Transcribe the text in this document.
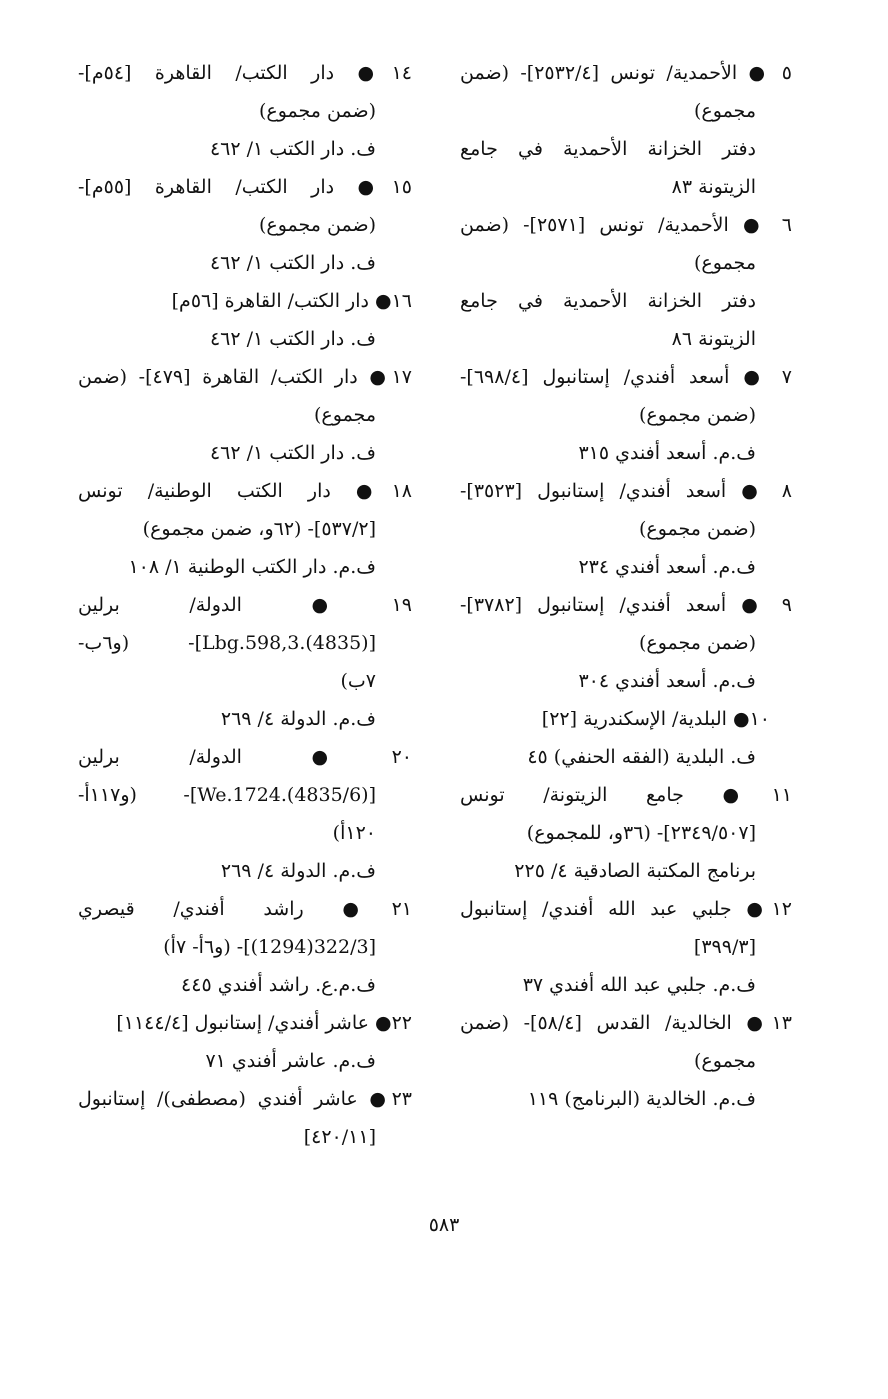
٥ ● الأحمدية/ تونس [٢٥٣٢/٤]- (ضمن
مجموع)
دفتر الخزانة الأحمدية في جامع
الزيتونة ٨٣
٦ ● الأحمدية/ تونس [٢٥٧١]- (ضمن
مجموع)
دفتر الخزانة الأحمدية في جامع
الزيتونة ٨٦
٧ ● أسعد أفندي/ إستانبول [٦٩٨/٤]-
(ضمن مجموع)
ف.م. أسعد أفندي ٣١٥
٨ ● أسعد أفندي/ إستانبول [٣٥٢٣]-
(ضمن مجموع)
ف.م. أسعد أفندي ٢٣٤
٩ ● أسعد أفندي/ إستانبول [٣٧٨٢]-
(ضمن مجموع)
ف.م. أسعد أفندي ٣٠٤
١٠● البلدية/ الإسكندرية [٢٢]
ف. البلدية (الفقه الحنفي) ٤٥
١١● جامع الزيتونة/ تونس
[٢٣٤٩/٥٠٧]- (٣٦و، للمجموع)
برنامج المكتبة الصادقية ٤/ ٢٢٥
١٢● جلبي عبد الله أفندي/ إستانبول
[٣٩٩/٣]
ف.م. جلبي عبد الله أفندي ٣٧
١٣● الخالدية/ القدس [٥٨/٤]- (ضمن
مجموع)
ف.م. الخالدية (البرنامج) ١١٩
١٤● دار الكتب/ القاهرة [٥٤م]-
(ضمن مجموع)
ف. دار الكتب ١/ ٤٦٢
١٥● دار الكتب/ القاهرة [٥٥م]-
(ضمن مجموع)
ف. دار الكتب ١/ ٤٦٢
١٦● دار الكتب/ القاهرة [٥٦م]
ف. دار الكتب ١/ ٤٦٢
١٧● دار الكتب/ القاهرة [٤٧٩]- (ضمن
مجموع)
ف. دار الكتب ١/ ٤٦٢
١٨● دار الكتب الوطنية/ تونس
[٥٣٧/٢]- (٦٢و، ضمن مجموع)
ف.م. دار الكتب الوطنية ١/ ١٠٨
١٩● الدولة/ برلين
[Lbg.598,3.(4835)]- (و٦ب-
٧ب)
ف.م. الدولة ٤/ ٢٦٩
٢٠● الدولة/ برلين
[We.1724.(4835/6)]- (و١١٧أ-
١٢٠أ)
ف.م. الدولة ٤/ ٢٦٩
٢١● راشد أفندي/ قيصري
[322/3(1294)]- (و٦أ- ٧أ)
ف.م.ع. راشد أفندي ٤٤٥
٢٢● عاشر أفندي/ إستانبول [١١٤٤/٤]
ف.م. عاشر أفندي ٧١
٢٣● عاشر أفندي (مصطفى)/ إستانبول
[٤٢٠/١١]
٥٨٣
